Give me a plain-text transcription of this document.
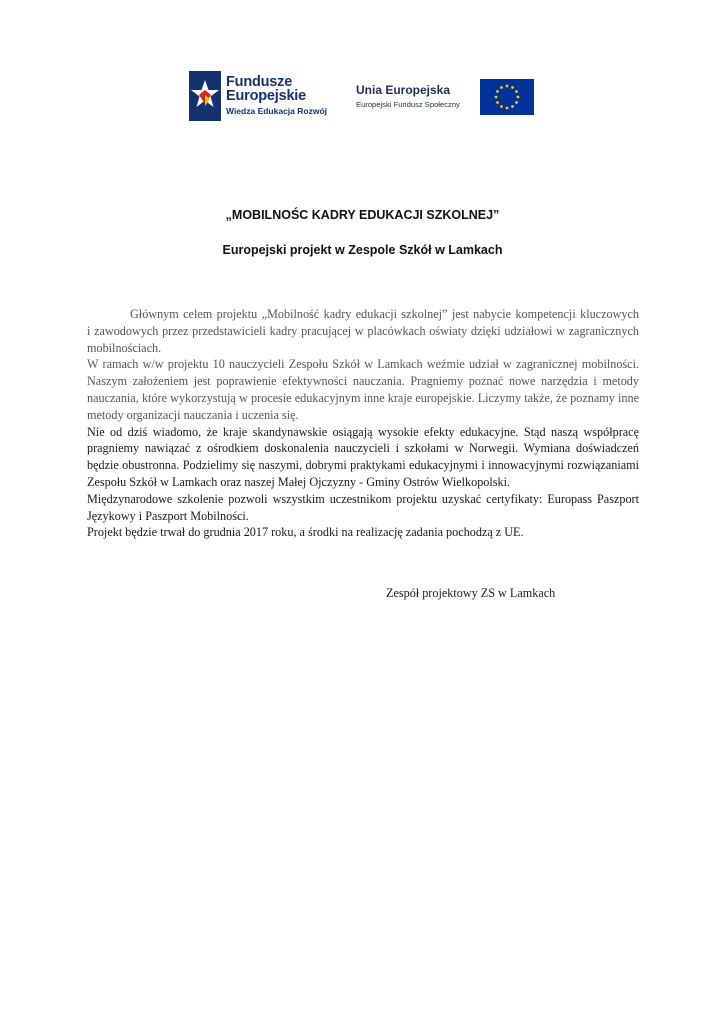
Fundusze
Europejskie
Wiedza Edukacja Rozwój
Unia Europejska
Europejski Fundusz Społeczny
„MOBILNOŚC KADRY EDUKACJI SZKOLNEJ”
Europejski projekt w Zespole Szkół w Lamkach
Głównym celem projektu „Mobilność kadry edukacji szkolnej” jest nabycie kompetencji kluczowych
i zawodowych przez przedstawicieli kadry pracującej w placówkach oświaty dzięki udziałowi w zagranicznych
mobilnościach.
W ramach w/w projektu 10 nauczycieli Zespołu Szkół w Lamkach weźmie udział w zagranicznej mobilności.
Naszym założeniem jest poprawienie efektywności nauczania. Pragniemy poznać nowe narzędzia i metody
nauczania, które wykorzystują w procesie edukacyjnym inne kraje europejskie. Liczymy także, że poznamy inne
metody organizacji nauczania i uczenia się.
Nie od dziś wiadomo, że kraje skandynawskie osiągają wysokie efekty edukacyjne. Stąd naszą współpracę
pragniemy nawiązać z ośrodkiem doskonalenia nauczycieli i szkołami w Norwegii. Wymiana doświadczeń
będzie obustronna. Podzielimy się naszymi, dobrymi praktykami edukacyjnymi i innowacyjnymi rozwiązaniami
Zespołu Szkół w Lamkach oraz naszej Małej Ojczyzny - Gminy Ostrów Wielkopolski.
Międzynarodowe szkolenie pozwoli wszystkim uczestnikom projektu uzyskać certyfikaty: Europass Paszport
Językowy i Paszport Mobilności.
Projekt będzie trwał do grudnia 2017 roku, a środki na realizację zadania pochodzą z UE.
Zespół projektowy ZS w Lamkach
